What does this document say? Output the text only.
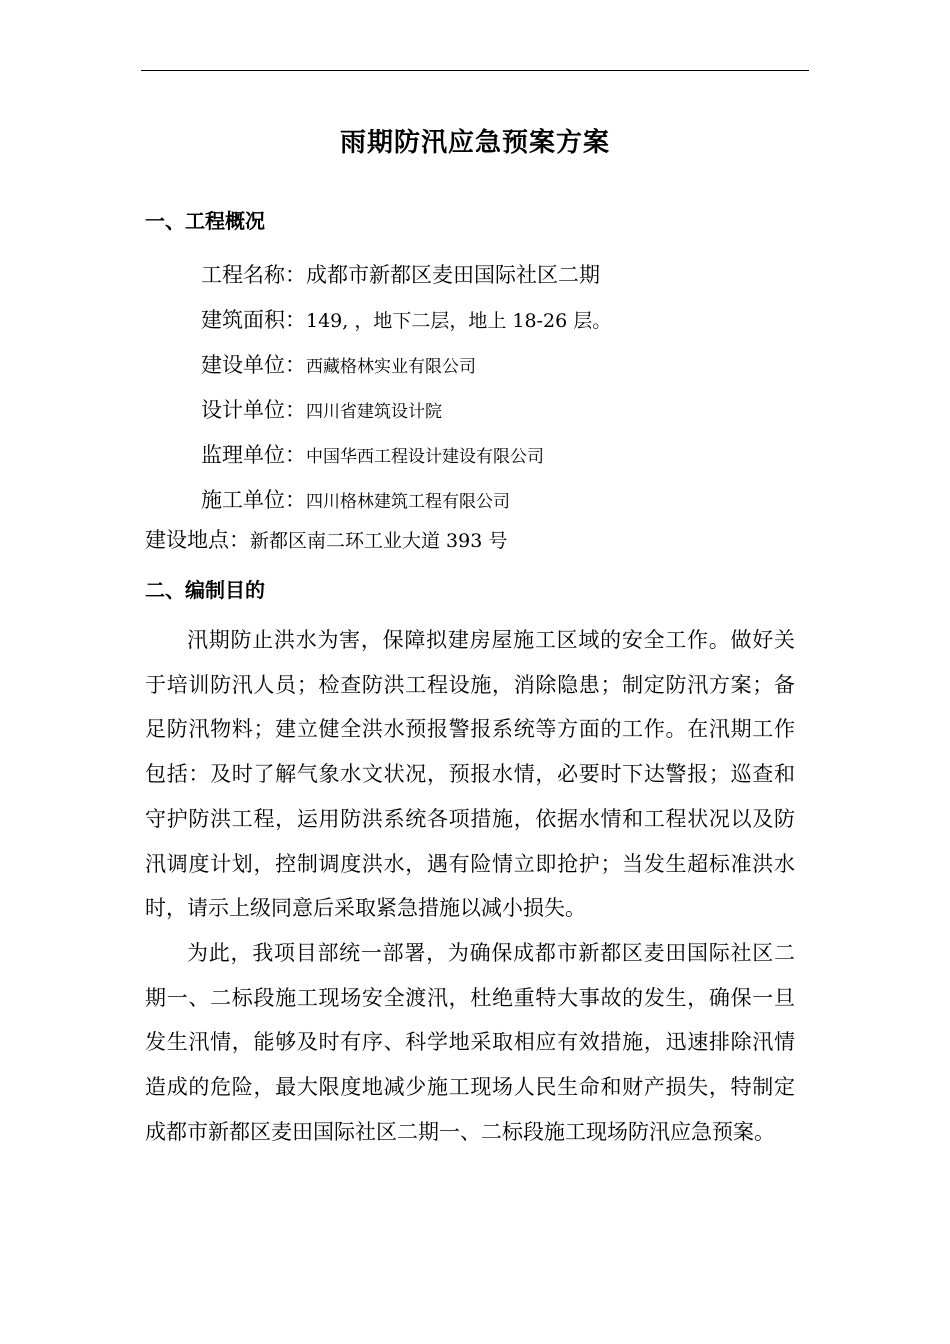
雨期防汛应急预案方案
一、工程概况
工程名称：成都市新都区麦田国际社区二期
建筑面积：149, ，地下二层，地上 18-26 层。
建设单位：西藏格林实业有限公司
设计单位：四川省建筑设计院
监理单位：中国华西工程设计建设有限公司
施工单位：四川格林建筑工程有限公司
建设地点：新都区南二环工业大道 393 号
二、编制目的

汛期防止洪水为害，保障拟建房屋施工区域的安全工作。做好关于培训防汛人员；检查防洪工程设施，消除隐患；制定防汛方案；备足防汛物料；建立健全洪水预报警报系统等方面的工作。在汛期工作包括：及时了解气象水文状况，预报水情，必要时下达警报；巡查和守护防洪工程，运用防洪系统各项措施，依据水情和工程状况以及防汛调度计划，控制调度洪水，遇有险情立即抢护；当发生超标准洪水时，请示上级同意后采取紧急措施以减小损失。

为此，我项目部统一部署，为确保成都市新都区麦田国际社区二期一、二标段施工现场安全渡汛，杜绝重特大事故的发生，确保一旦发生汛情，能够及时有序、科学地采取相应有效措施，迅速排除汛情造成的危险，最大限度地减少施工现场人民生命和财产损失，特制定成都市新都区麦田国际社区二期一、二标段施工现场防汛应急预案。
